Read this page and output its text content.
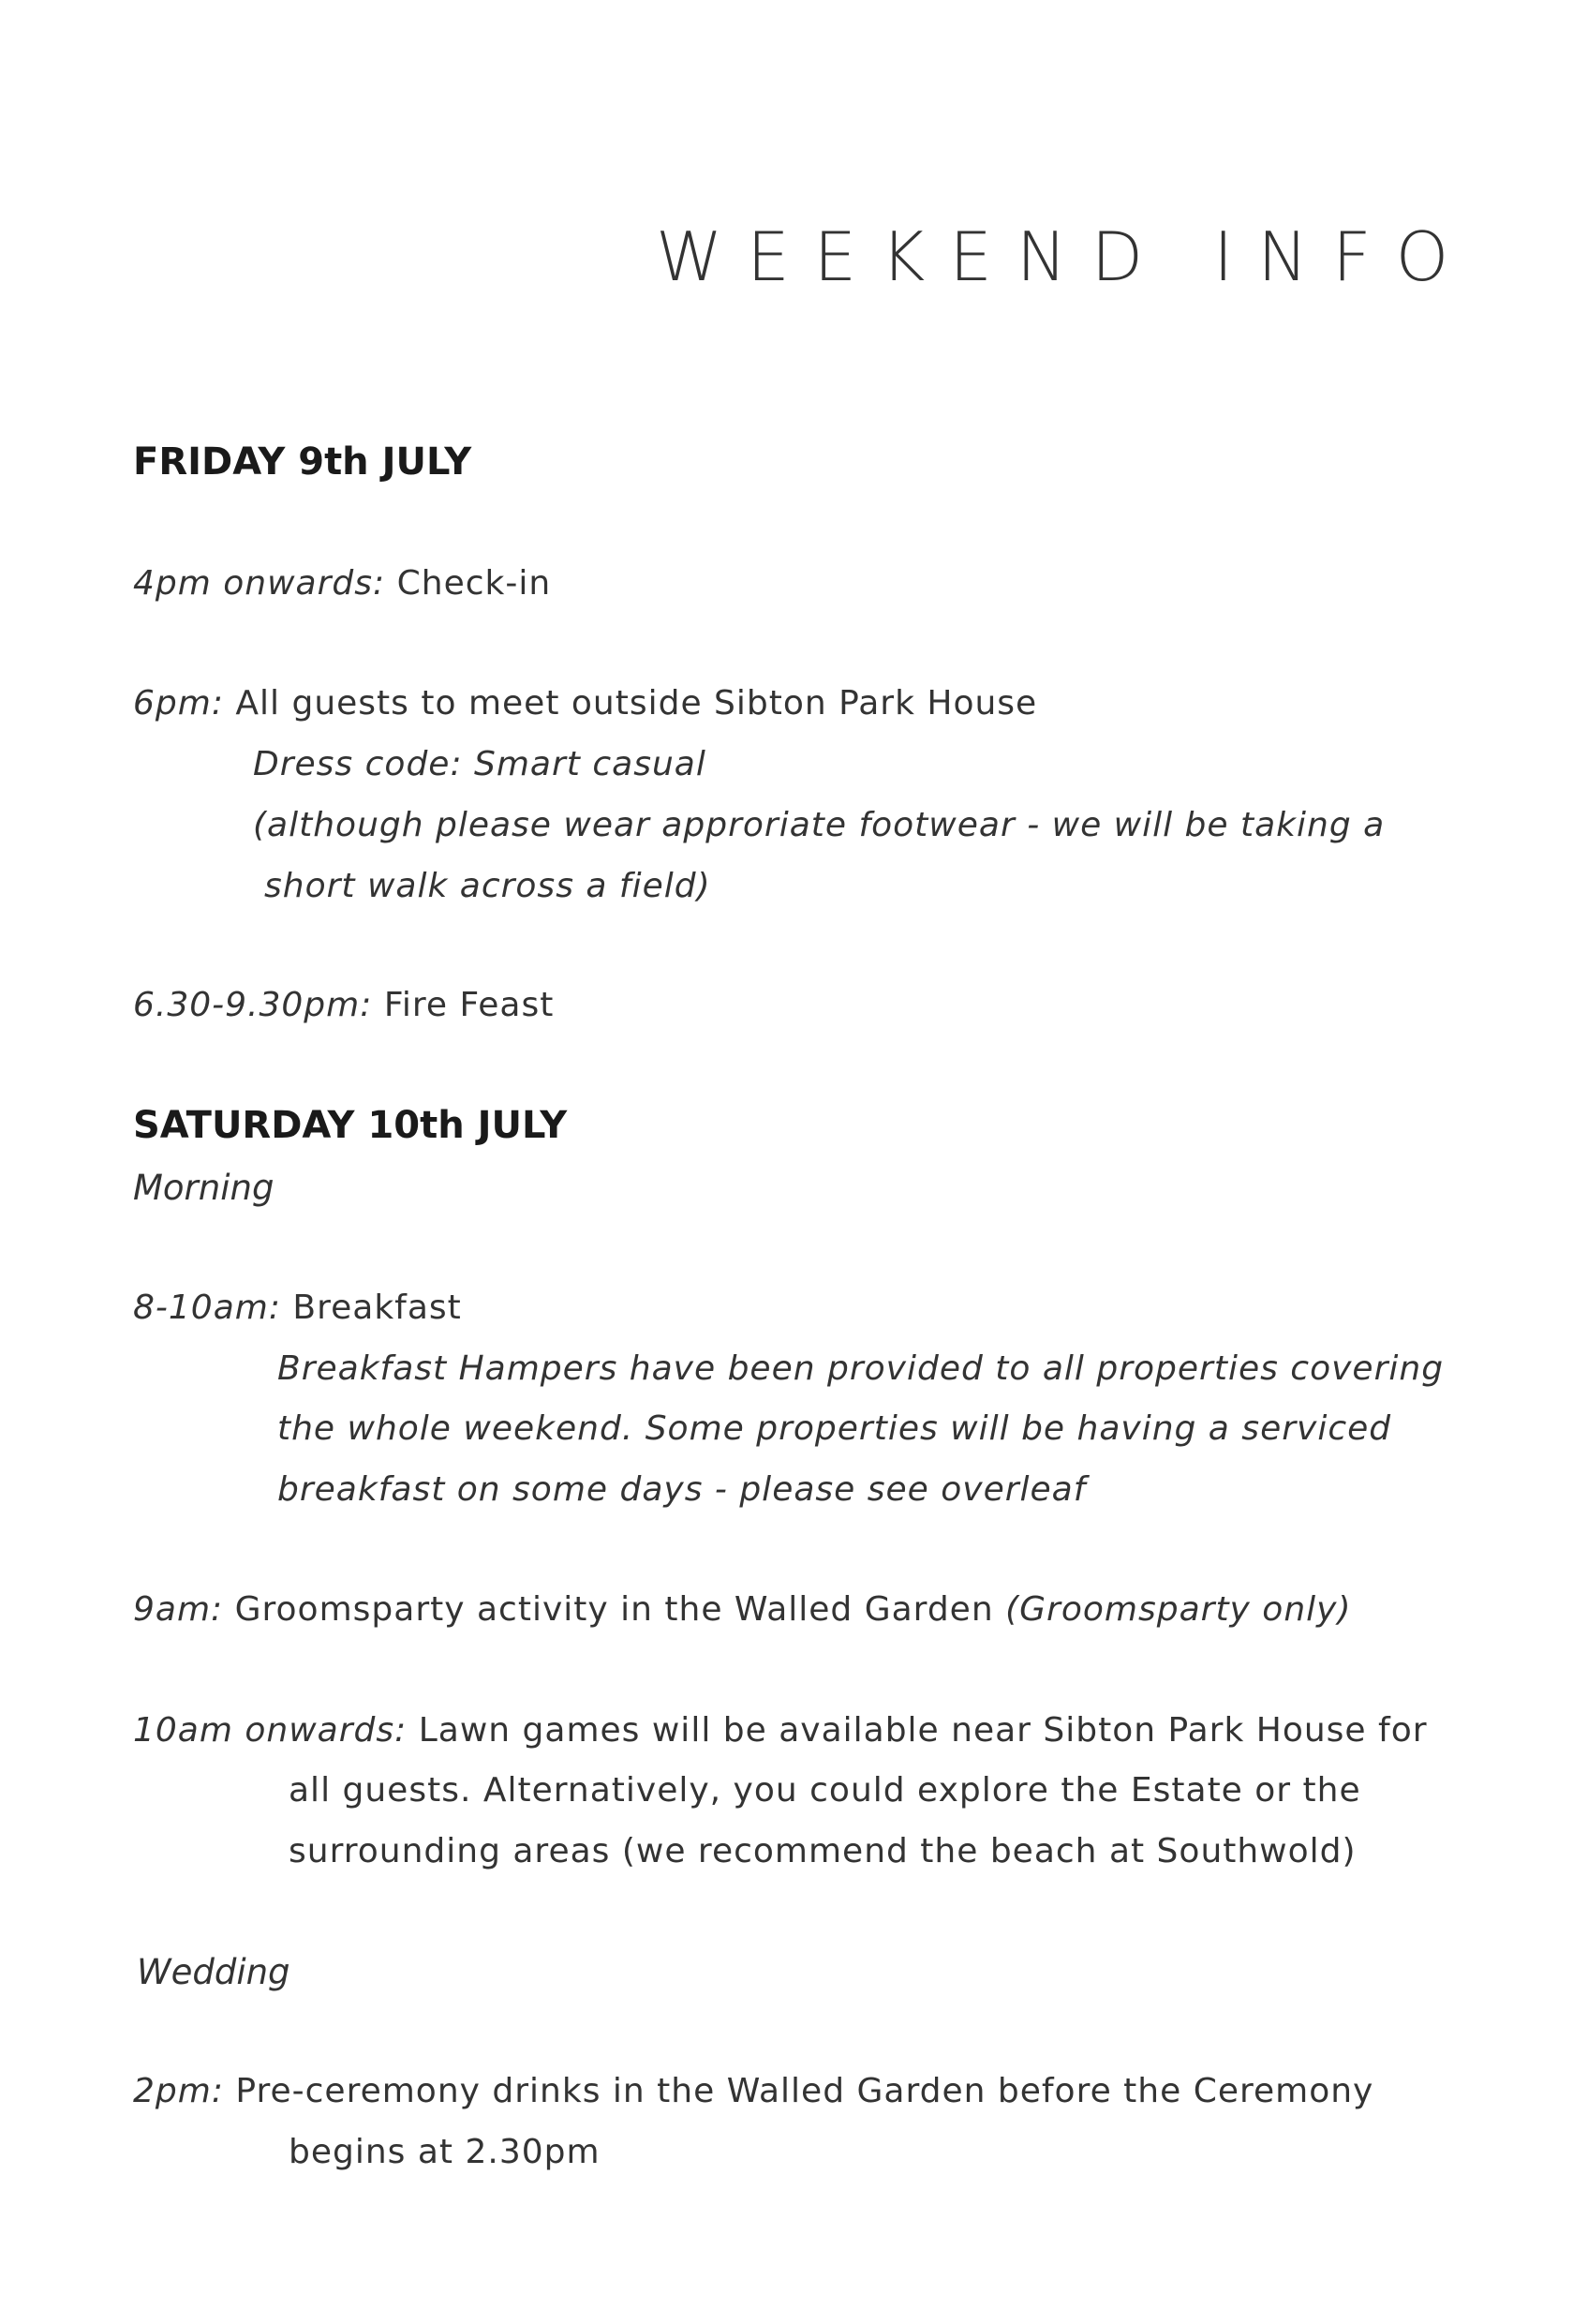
WEEKEND INFO
FRIDAY 9th JULY
4pm onwards: Check-in
6pm: All guests to meet outside Sibton Park House
Dress code: Smart casual
(although please wear approriate footwear - we will be taking a
short walk across a field)
6.30-9.30pm: Fire Feast
SATURDAY 10th JULY
Morning
8-10am: Breakfast
Breakfast Hampers have been provided to all properties covering
the whole weekend. Some properties will be having a serviced
breakfast on some days - please see overleaf
9am: Groomsparty activity in the Walled Garden (Groomsparty only)
10am onwards: Lawn games will be available near Sibton Park House for
all guests. Alternatively, you could explore the Estate or the
surrounding areas (we recommend the beach at Southwold)
Wedding
2pm: Pre-ceremony drinks in the Walled Garden before the Ceremony
begins at 2.30pm
